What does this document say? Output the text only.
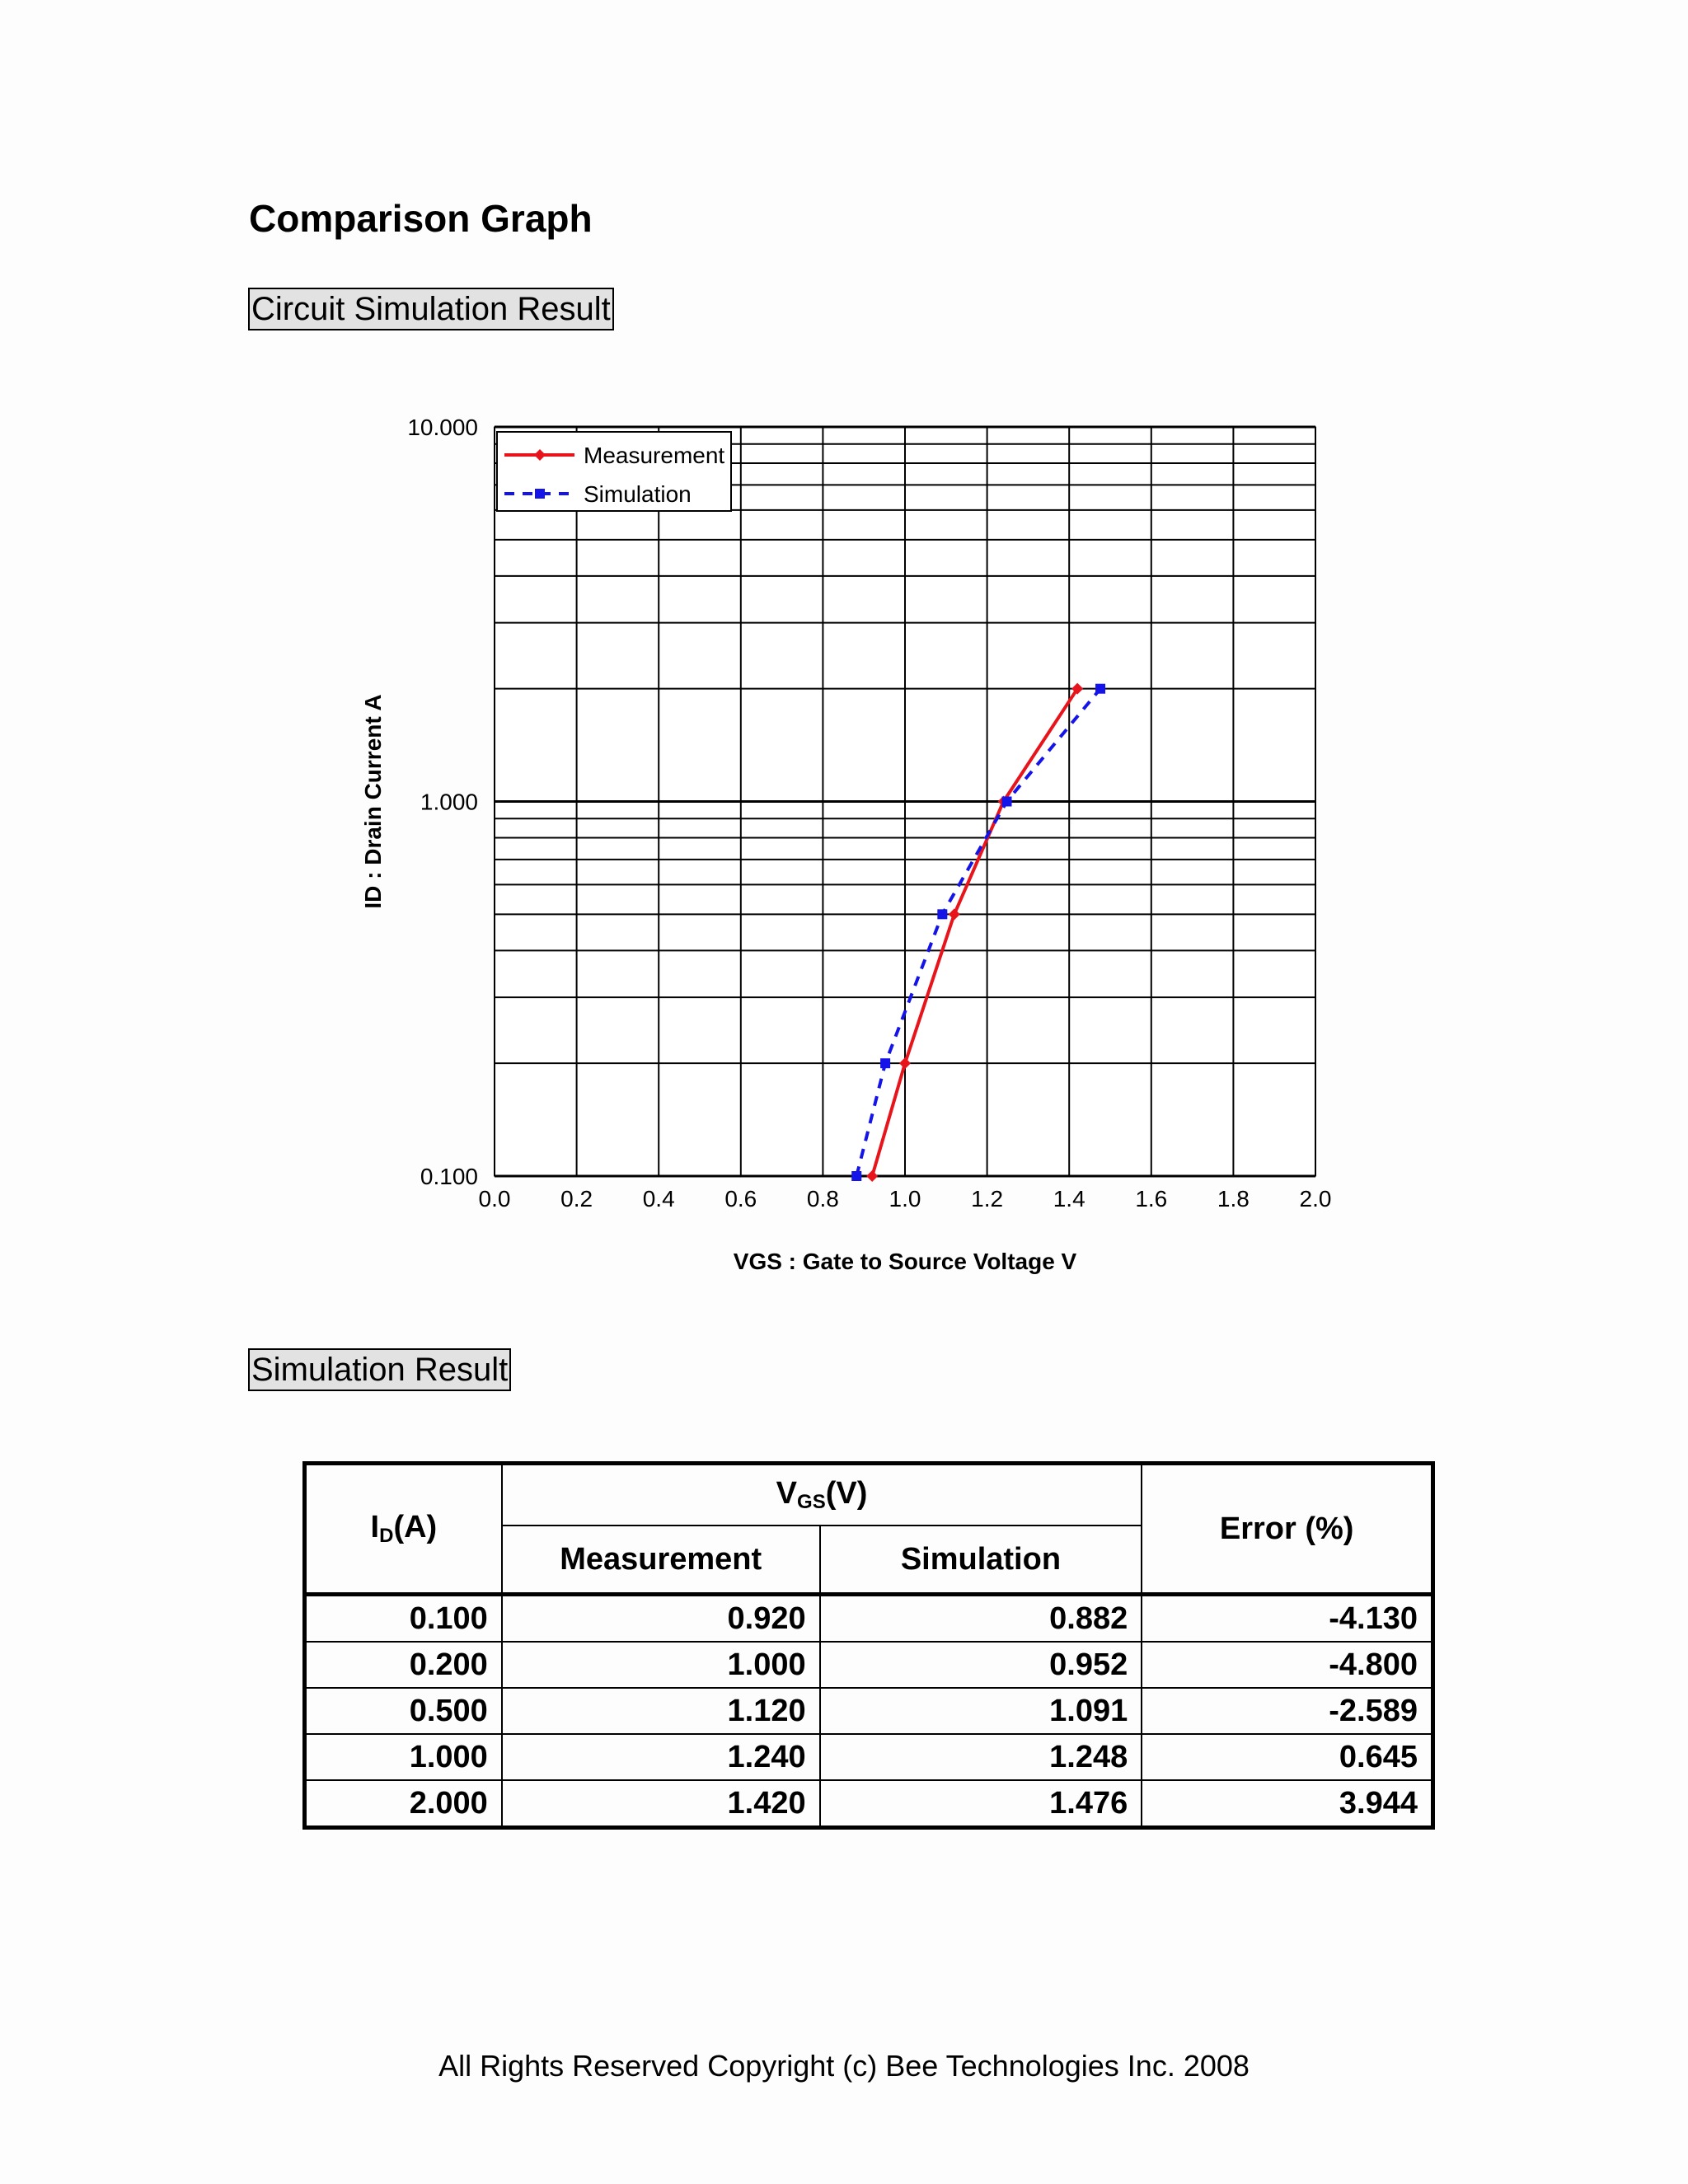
Comparison Graph
Circuit Simulation Result
0.0 0.2 0.4 0.6 0.8 1.0 1.2 1.4 1.6 1.8 2.0
10.000
1.000
0.100
Measurement
Simulation
VGS : Gate to Source Voltage V
ID : Drain Current A
Simulation Result
$I_D(A)$	$V_{GS}(V)$		Error (%)
	Measurement	Simulation	
0.100	0.920	0.882	-4.130
0.200	1.000	0.952	-4.800
0.500	1.120	1.091	-2.589
1.000	1.240	1.248	0.645
2.000	1.420	1.476	3.944
All Rights Reserved Copyright (c) Bee Technologies Inc. 2008
